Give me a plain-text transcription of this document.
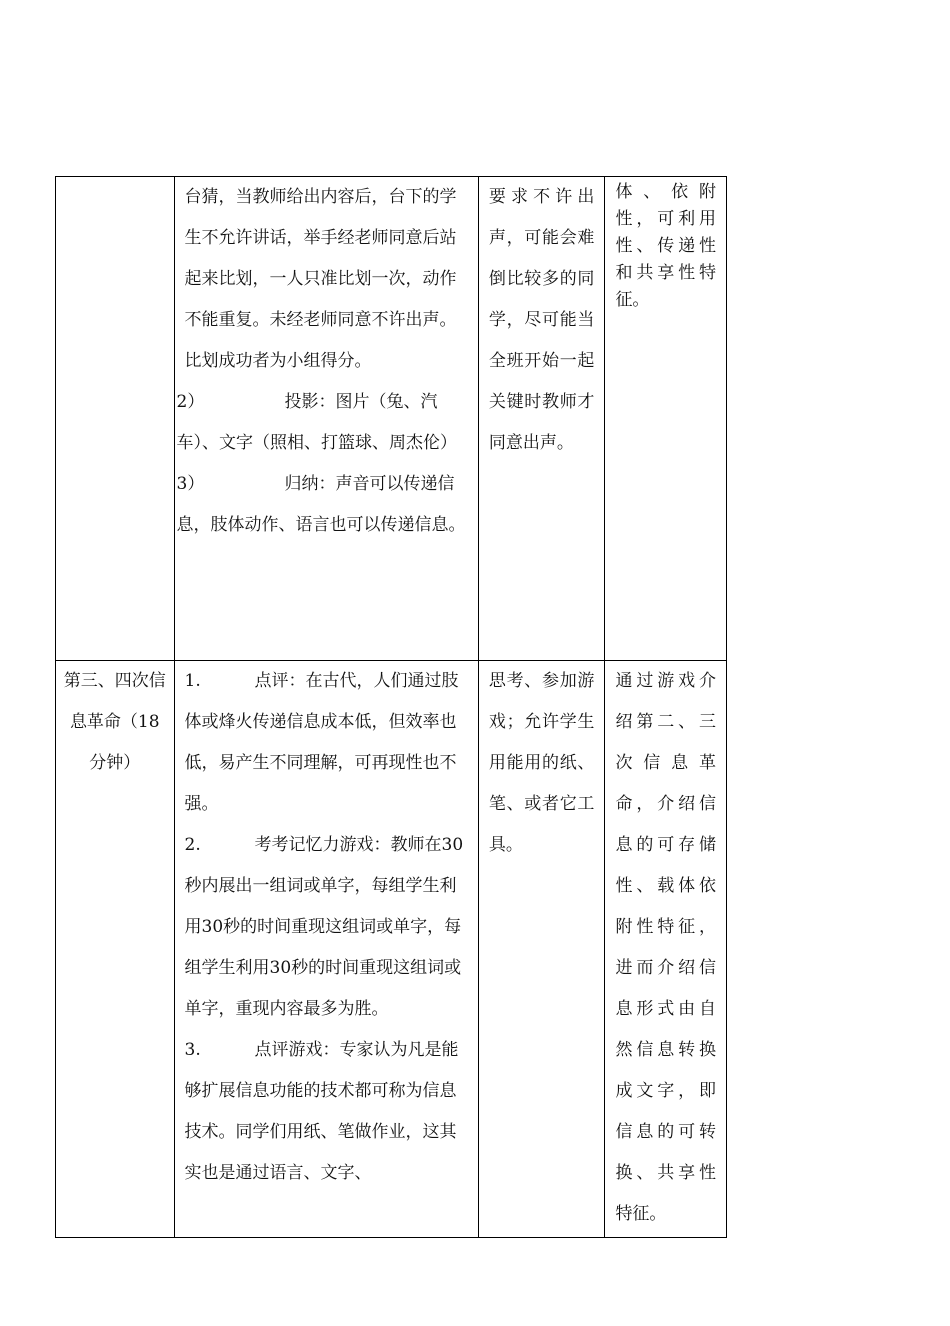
	台猜，当教师给出内容后，台下的学生不允许讲话，举手经老师同意后站起来比划，一人只准比划一次，动作不能重复。未经老师同意不许出声。比划成功者为小组得分。

2） 投影：图片（兔、汽车）、文字（照相、打篮球、周杰伦）

3） 归纳：声音可以传递信息，肢体动作、语言也可以传递信息。	要求不许出声，可能会难倒比较多的同学，尽可能当全班开始一起关键时教师才同意出声。	体、依附性，可利用性、传递性和共享性特征。
第三、四次信息革命（18分钟）	1. 点评：在古代，人们通过肢体或烽火传递信息成本低，但效率也低，易产生不同理解，可再现性也不强。

2. 考考记忆力游戏：教师在30秒内展出一组词或单字，每组学生利用30秒的时间重现这组词或单字，每组学生利用30秒的时间重现这组词或单字，重现内容最多为胜。

3. 点评游戏：专家认为凡是能够扩展信息功能的技术都可称为信息技术。同学们用纸、笔做作业，这其实也是通过语言、文字、	思考、参加游戏；允许学生用能用的纸、笔、或者它工具。	通过游戏介绍第二、三次信息革命，介绍信息的可存储性、载体依附性特征，进而介绍信息形式由自然信息转换成文字，即信息的可转换、共享性特征。
